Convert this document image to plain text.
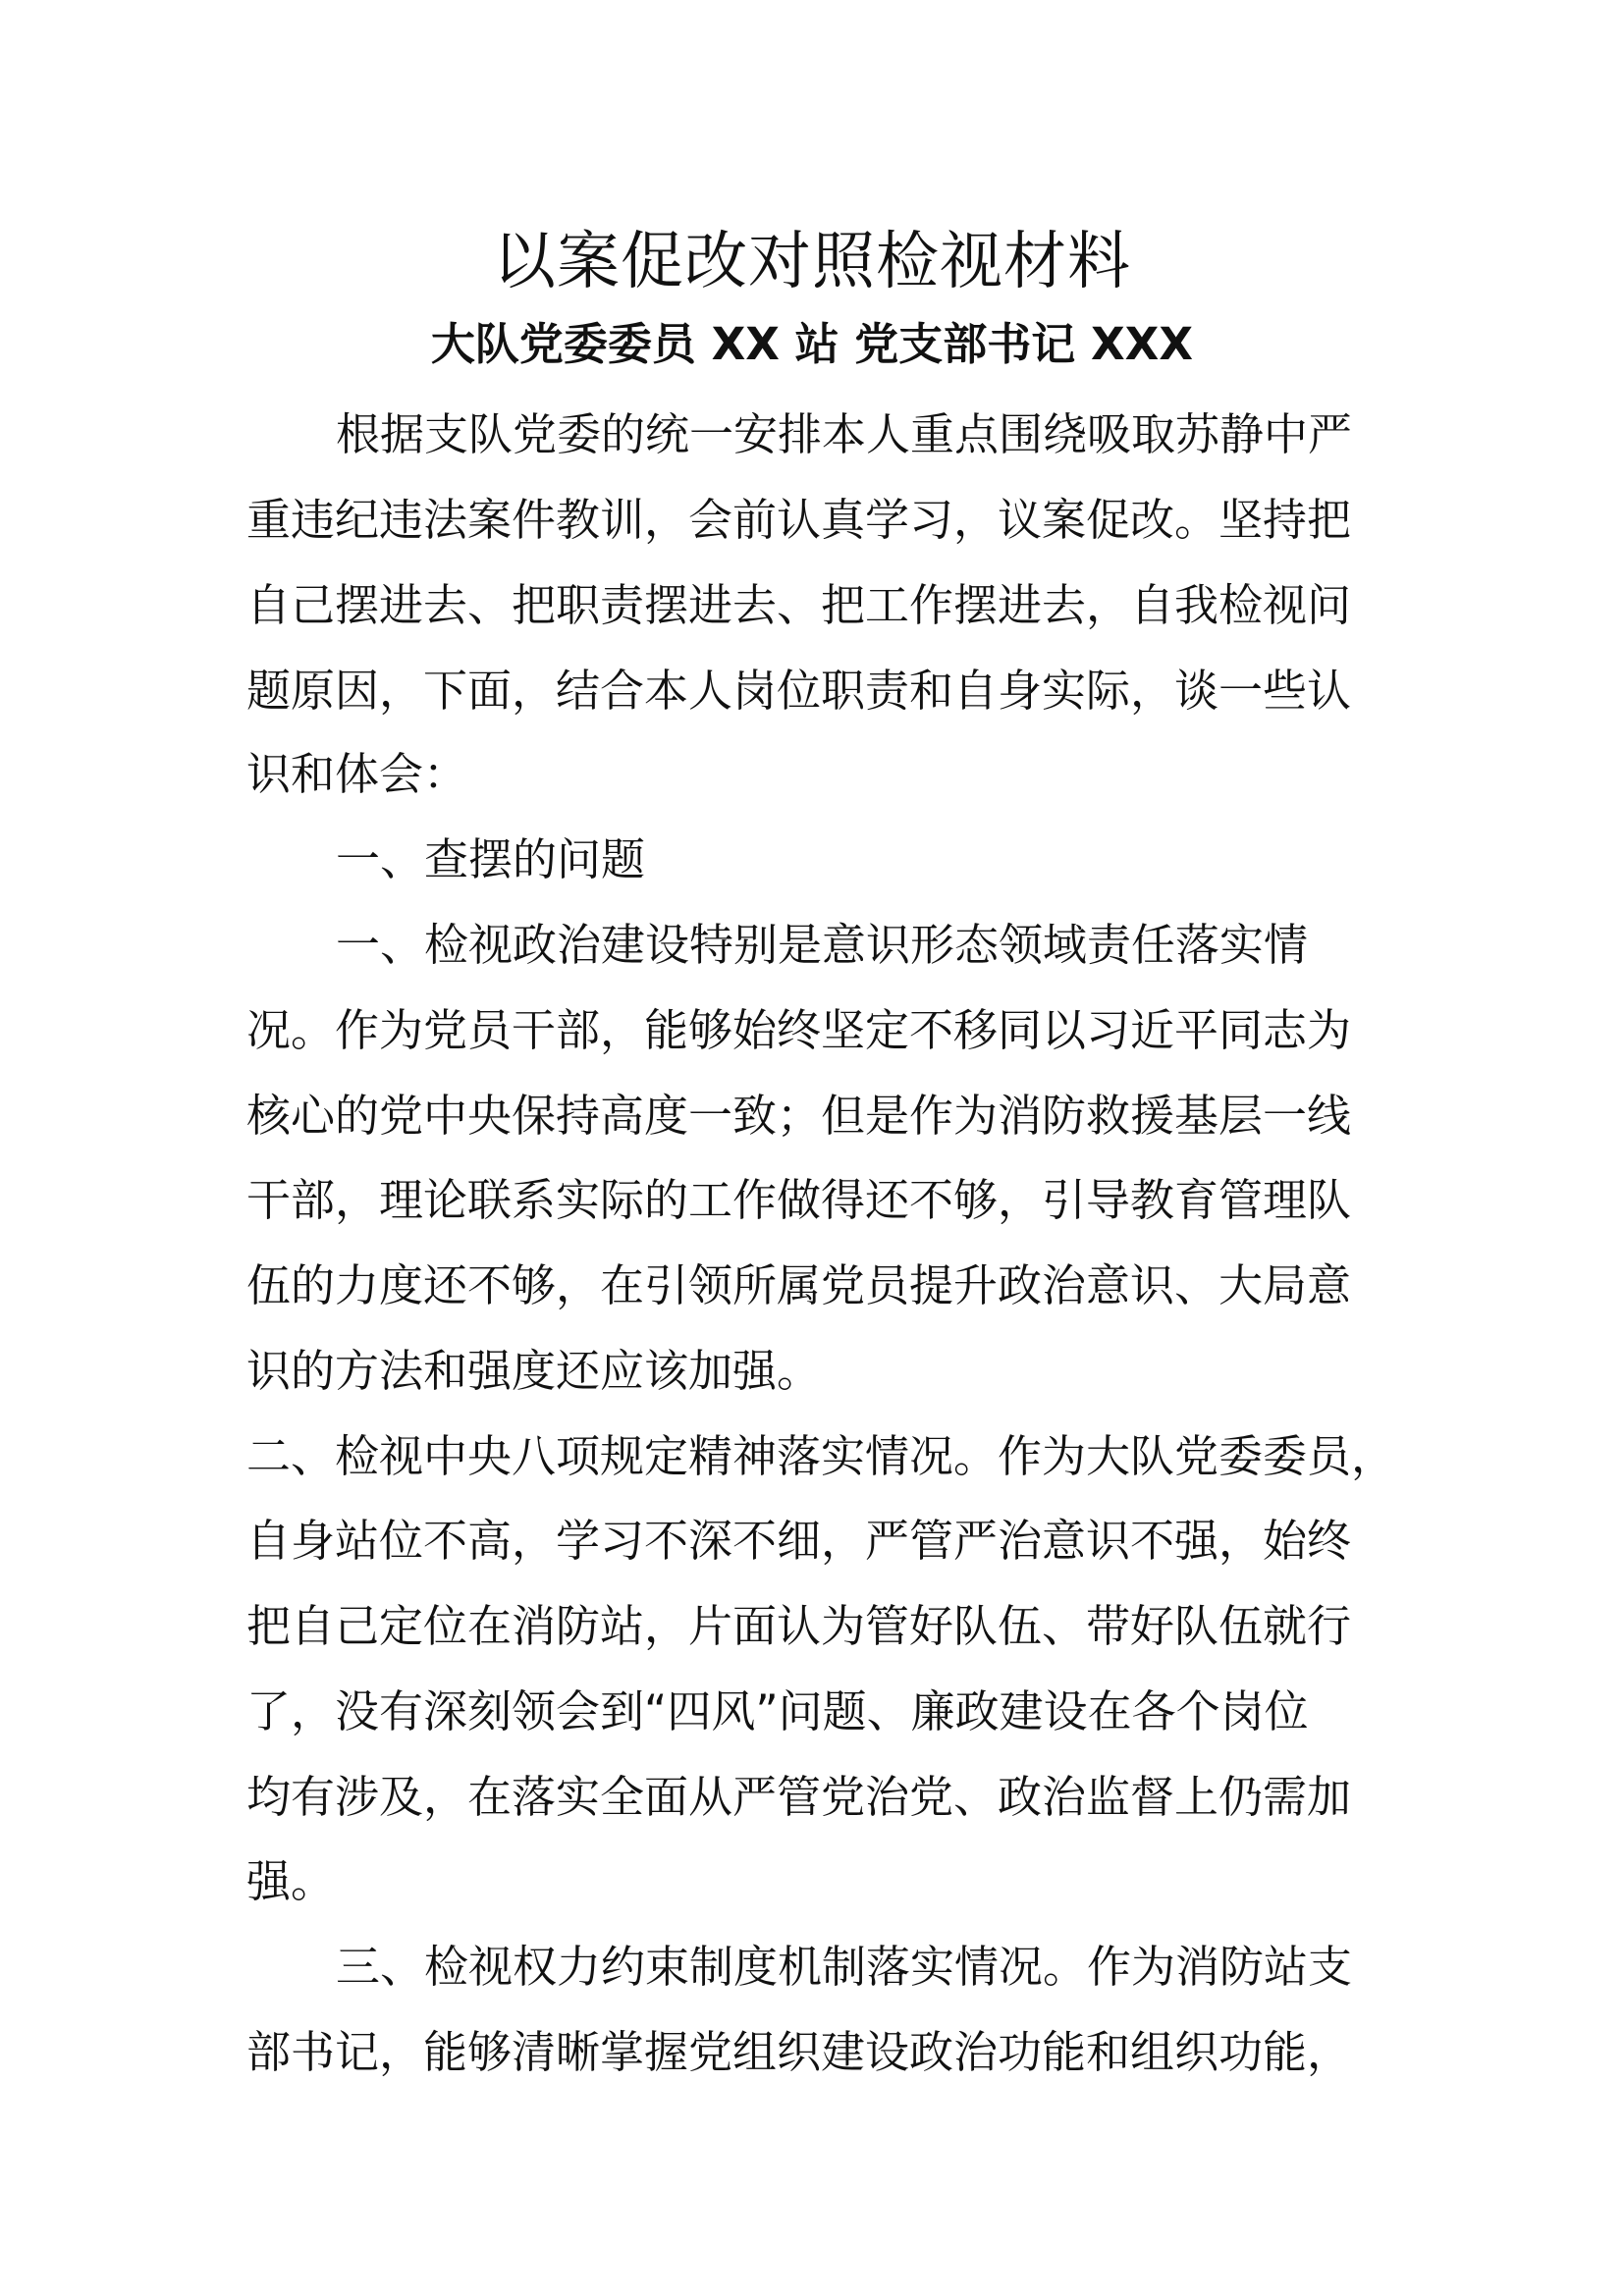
以案促改对照检视材料
大队党委委员 XX 站 党支部书记 XXX
根据支队党委的统一安排本人重点围绕吸取苏静中严
重违纪违法案件教训，会前认真学习，议案促改。坚持把
自己摆进去、把职责摆进去、把工作摆进去，自我检视问
题原因，下面，结合本人岗位职责和自身实际，谈一些认
识和体会：
一、查摆的问题
一、检视政治建设特别是意识形态领域责任落实情
况。作为党员干部，能够始终坚定不移同以习近平同志为
核心的党中央保持高度一致；但是作为消防救援基层一线
干部，理论联系实际的工作做得还不够，引导教育管理队
伍的力度还不够，在引领所属党员提升政治意识、大局意
识的方法和强度还应该加强。
二、检视中央八项规定精神落实情况。作为大队党委委员，
自身站位不高，学习不深不细，严管严治意识不强，始终
把自己定位在消防站，片面认为管好队伍、带好队伍就行
了，没有深刻领会到“四风”问题、廉政建设在各个岗位
均有涉及，在落实全面从严管党治党、政治监督上仍需加
强。
三、检视权力约束制度机制落实情况。作为消防站支
部书记，能够清晰掌握党组织建设政治功能和组织功能，
